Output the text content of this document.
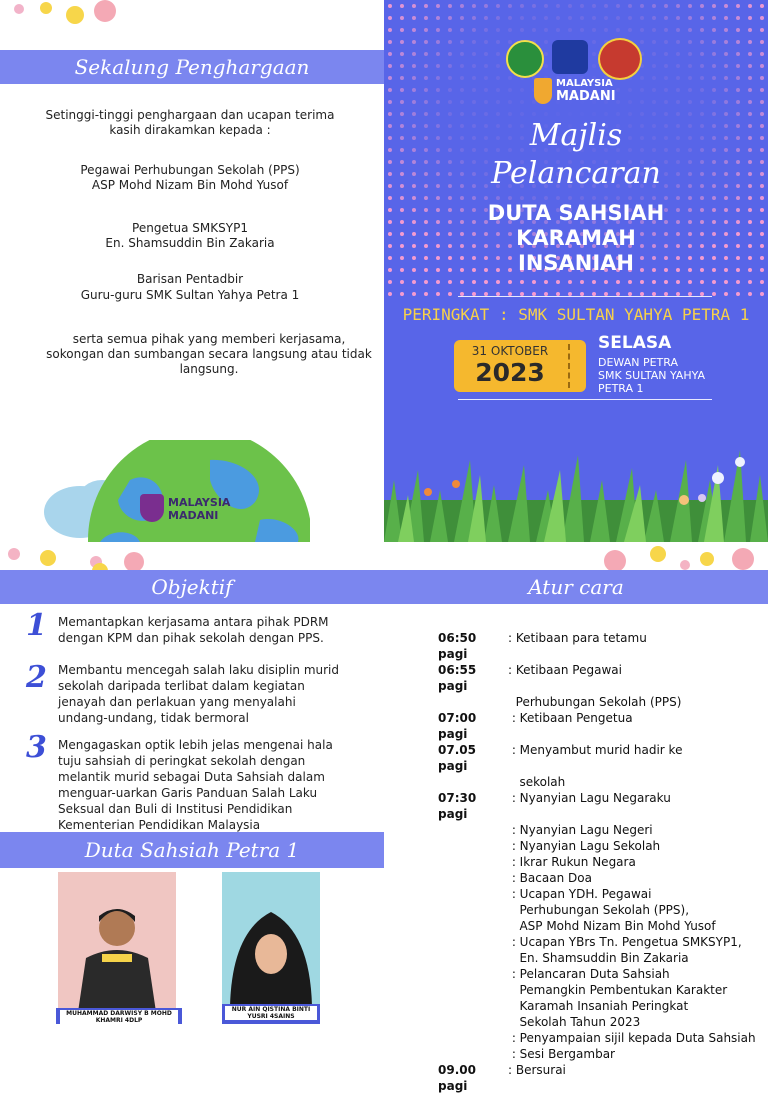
Sekalung Penghargaan
Setinggi-tinggi penghargaan dan ucapan terima kasih dirakamkan kepada :
Pegawai Perhubungan Sekolah (PPS)
ASP Mohd Nizam Bin Mohd Yusof
Pengetua SMKSYP1
En. Shamsuddin Bin Zakaria
Barisan Pentadbir
Guru-guru SMK Sultan Yahya Petra 1
serta semua pihak yang memberi kerjasama, sokongan dan sumbangan secara langsung atau tidak langsung.
MALAYSIA MADANI
MALAYSIA
MADANI
Majlis
Pelancaran
DUTA SAHSIAH
KARAMAH
INSANIAH
PERINGKAT : SMK SULTAN YAHYA PETRA 1
31 OKTOBER
2023
SELASA
DEWAN PETRA
SMK SULTAN YAHYA
PETRA 1
Objektif
1 Memantapkan kerjasama antara pihak PDRM dengan KPM dan pihak sekolah dengan PPS.
2 Membantu mencegah salah laku disiplin murid sekolah daripada terlibat dalam kegiatan jenayah dan perlakuan yang menyalahi undang-undang, tidak bermoral
3 Mengagaskan optik lebih jelas mengenai hala tuju sahsiah di peringkat sekolah dengan melantik murid sebagai Duta Sahsiah dalam menguar-uarkan Garis Panduan Salah Laku Seksual dan Buli di Institusi Pendidikan Kementerian Pendidikan Malaysia
Duta Sahsiah Petra 1
MUHAMMAD DARWISY B MOHD KHAMRI 4DLP
NUR AIN QISTINA BINTI YUSRI 4SAINS
Atur cara
06:50 pagi
: Ketibaan para tetamu
06:55 pagi
: Ketibaan Pegawai
Perhubungan Sekolah (PPS)
07:00 pagi
: Ketibaan Pengetua
07.05 pagi
: Menyambut murid hadir ke
sekolah
07:30 pagi
: Nyanyian Lagu Negaraku
: Nyanyian Lagu Negeri
: Nyanyian Lagu Sekolah
: Ikrar Rukun Negara
: Bacaan Doa
: Ucapan YDH. Pegawai
Perhubungan Sekolah (PPS),
ASP Mohd Nizam Bin Mohd Yusof
: Ucapan YBrs Tn. Pengetua SMKSYP1,
En. Shamsuddin Bin Zakaria
: Pelancaran Duta Sahsiah
Pemangkin Pembentukan Karakter
Karamah Insaniah Peringkat
Sekolah Tahun 2023
: Penyampaian sijil kepada Duta Sahsiah
: Sesi Bergambar
09.00 pagi
: Bersurai
